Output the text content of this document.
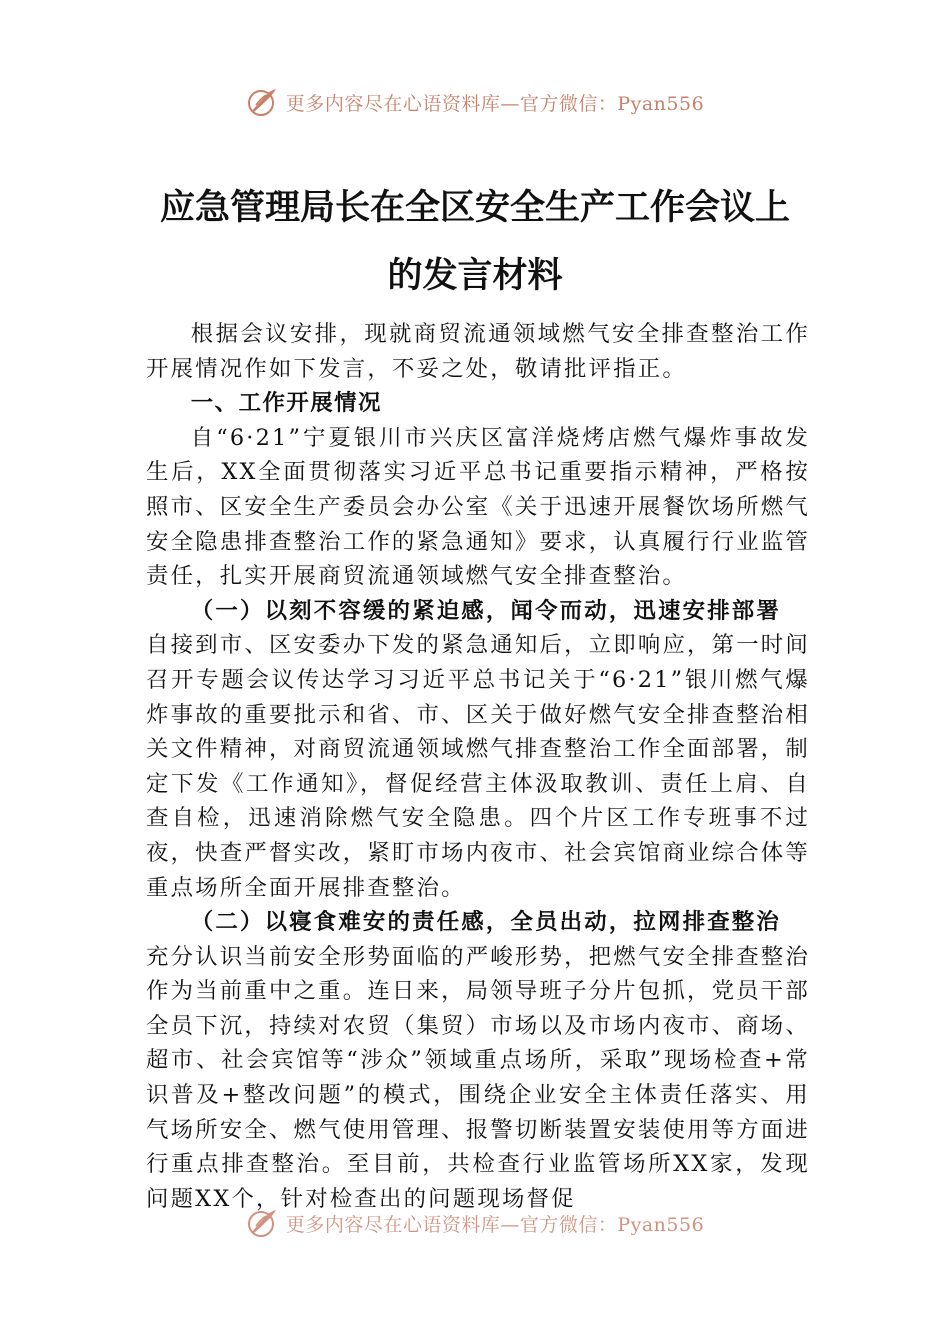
更多内容尽在心语资料库—官方微信：Pyan556
应急管理局长在全区安全生产工作会议上
的发言材料

根据会议安排，现就商贸流通领域燃气安全排查整治工作开展情况作如下发言，不妥之处，敬请批评指正。

一、工作开展情况

自“6·21”宁夏银川市兴庆区富洋烧烤店燃气爆炸事故发生后，XX全面贯彻落实习近平总书记重要指示精神，严格按照市、区安全生产委员会办公室《关于迅速开展餐饮场所燃气安全隐患排查整治工作的紧急通知》要求，认真履行行业监管责任，扎实开展商贸流通领域燃气安全排查整治。

（一）以刻不容缓的紧迫感，闻令而动，迅速安排部署

自接到市、区安委办下发的紧急通知后，立即响应，第一时间召开专题会议传达学习习近平总书记关于“6·21”银川燃气爆炸事故的重要批示和省、市、区关于做好燃气安全排查整治相关文件精神，对商贸流通领域燃气排查整治工作全面部署，制定下发《工作通知》，督促经营主体汲取教训、责任上肩、自查自检，迅速消除燃气安全隐患。四个片区工作专班事不过夜，快查严督实改，紧盯市场内夜市、社会宾馆商业综合体等重点场所全面开展排查整治。

（二）以寝食难安的责任感，全员出动，拉网排查整治

充分认识当前安全形势面临的严峻形势，把燃气安全排查整治作为当前重中之重。连日来，局领导班子分片包抓，党员干部全员下沉，持续对农贸（集贸）市场以及市场内夜市、商场、超市、社会宾馆等“涉众”领域重点场所，采取”现场检查+常识普及+整改问题”的模式，围绕企业安全主体责任落实、用气场所安全、燃气使用管理、报警切断装置安装使用等方面进行重点排查整治。至目前，共检查行业监管场所XX家，发现问题XX个，针对检查出的问题现场督促

更多内容尽在心语资料库—官方微信：Pyan556
